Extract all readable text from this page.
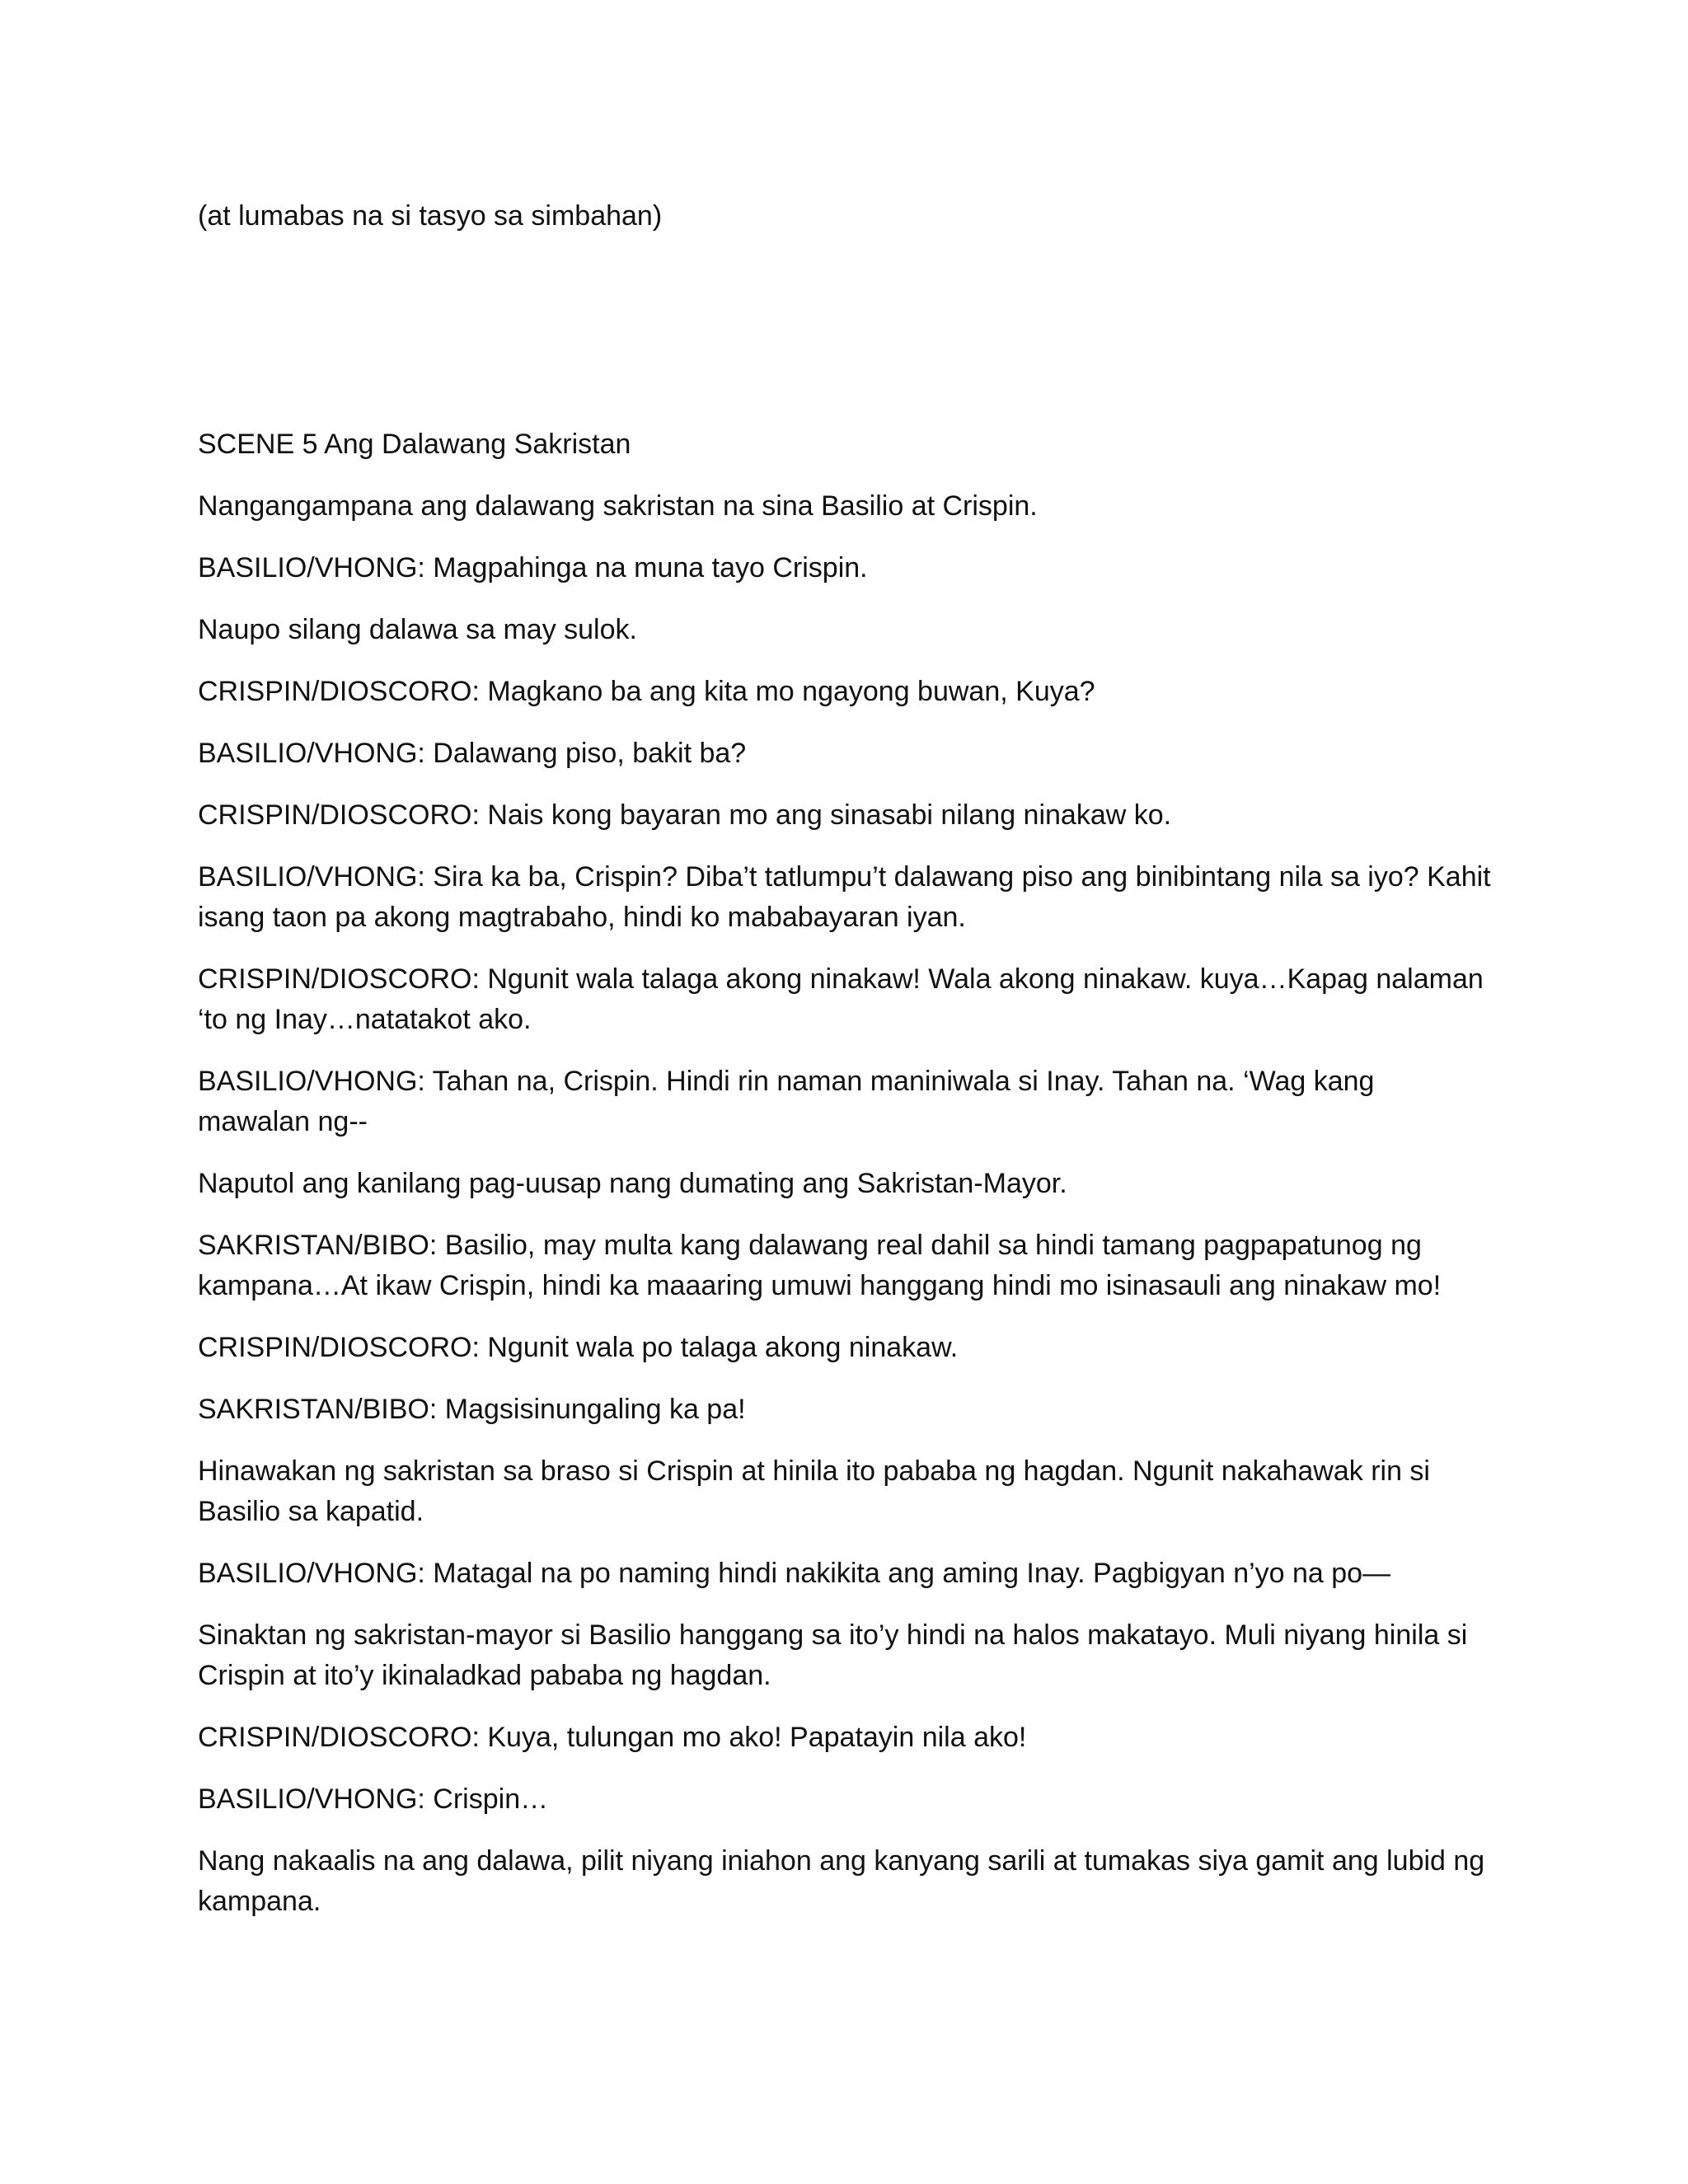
(at lumabas na si tasyo sa simbahan)

SCENE 5 Ang Dalawang Sakristan

Nangangampana ang dalawang sakristan na sina Basilio at Crispin.

BASILIO/VHONG: Magpahinga na muna tayo Crispin.

Naupo silang dalawa sa may sulok.

CRISPIN/DIOSCORO: Magkano ba ang kita mo ngayong buwan, Kuya?

BASILIO/VHONG: Dalawang piso, bakit ba?

CRISPIN/DIOSCORO: Nais kong bayaran mo ang sinasabi nilang ninakaw ko.

BASILIO/VHONG: Sira ka ba, Crispin? Diba’t tatlumpu’t dalawang piso ang binibintang nila sa iyo? Kahit isang taon pa akong magtrabaho, hindi ko mababayaran iyan.

CRISPIN/DIOSCORO: Ngunit wala talaga akong ninakaw! Wala akong ninakaw. kuya…Kapag nalaman ‘to ng Inay…natatakot ako.

BASILIO/VHONG: Tahan na, Crispin. Hindi rin naman maniniwala si Inay. Tahan na. ‘Wag kang mawalan ng--

Naputol ang kanilang pag-uusap nang dumating ang Sakristan-Mayor.

SAKRISTAN/BIBO: Basilio, may multa kang dalawang real dahil sa hindi tamang pagpapatunog ng kampana…At ikaw Crispin, hindi ka maaaring umuwi hanggang hindi mo isinasauli ang ninakaw mo!

CRISPIN/DIOSCORO: Ngunit wala po talaga akong ninakaw.

SAKRISTAN/BIBO: Magsisinungaling ka pa!

Hinawakan ng sakristan sa braso si Crispin at hinila ito pababa ng hagdan. Ngunit nakahawak rin si Basilio sa kapatid.

BASILIO/VHONG: Matagal na po naming hindi nakikita ang aming Inay. Pagbigyan n’yo na po—

Sinaktan ng sakristan-mayor si Basilio hanggang sa ito’y hindi na halos makatayo. Muli niyang hinila si Crispin at ito’y ikinaladkad pababa ng hagdan.

CRISPIN/DIOSCORO: Kuya, tulungan mo ako! Papatayin nila ako!

BASILIO/VHONG: Crispin…

Nang nakaalis na ang dalawa, pilit niyang iniahon ang kanyang sarili at tumakas siya gamit ang lubid ng kampana.
